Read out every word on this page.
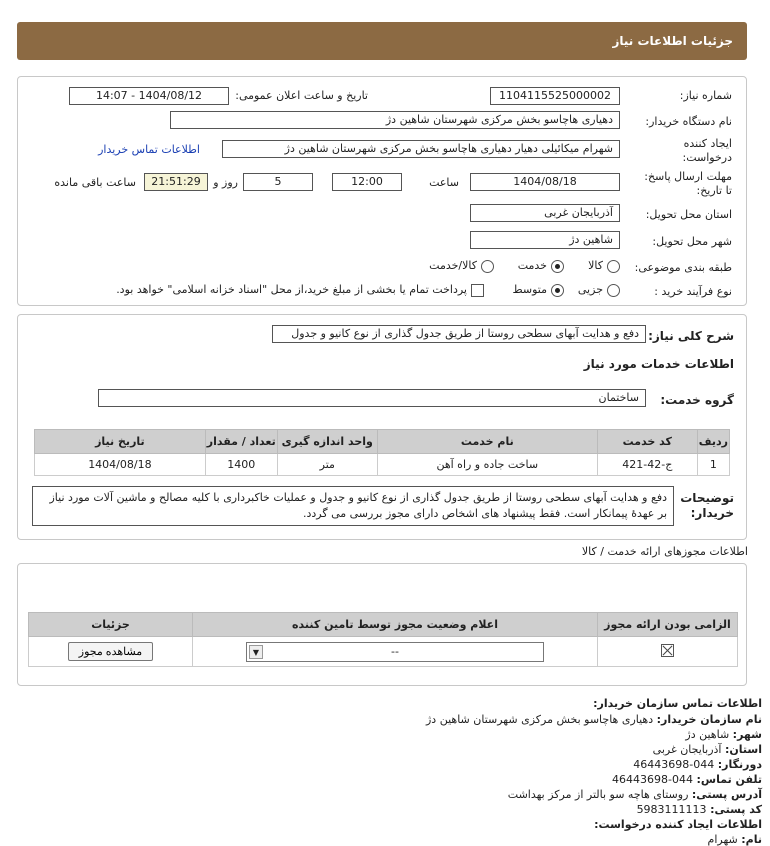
جزئیات اطلاعات نیاز
شماره نیاز:
1104115525000002
تاریخ و ساعت اعلان عمومی:
1404/08/12 - 14:07
نام دستگاه خریدار:
دهیاری هاچاسو بخش مرکزی شهرستان شاهین دژ
ایجاد کننده درخواست:
شهرام میکائیلی دهیار دهیاری هاچاسو بخش مرکزی شهرستان شاهین دژ
اطلاعات تماس خریدار
مهلت ارسال پاسخ: تا تاریخ:
1404/08/18
ساعت
12:00
5
روز و
21:51:29
ساعت باقی مانده
استان محل تحویل:
آذربایجان غربی
شهر محل تحویل:
شاهین دژ
طبقه بندی موضوعی:
کالا
خدمت
کالا/خدمت
نوع فرآیند خرید :
جزیی
متوسط
پرداخت تمام یا بخشی از مبلغ خرید،از محل "اسناد خزانه اسلامی" خواهد بود.
شرح کلی نیاز:
دفع و هدایت آبهای سطحی روستا از طریق جدول گذاری از نوع کانیو و جدول
اطلاعات خدمات مورد نیاز
گروه خدمت:
ساختمان
ردیف	کد خدمت	نام خدمت	واحد اندازه گیری	تعداد / مقدار	تاریخ نیاز
1	ج-42-421	ساخت جاده و راه آهن	متر	1400	1404/08/18
توضیحات خریدار:
دفع و هدایت آبهای سطحی روستا از طریق جدول گذاری از نوع کانیو و جدول و عملیات خاکبرداری با کلیه مصالح و ماشین آلات مورد نیاز بر عهدۀ پیمانکار است. فقط پیشنهاد های اشخاص دارای مجوز بررسی می گردد.
اطلاعات مجوزهای ارائه خدمت / کالا
الزامی بودن ارائه مجوز	اعلام وضعیت مجوز توسط تامین کننده	جزئیات

	▼ --	مشاهده مجوز
اطلاعات تماس سازمان خریدار:
نام سازمان خریدار: دهیاری هاچاسو بخش مرکزی شهرستان شاهین دژ
شهر: شاهین دژ
استان: آذربایجان غربی
دورنگار: 044-46443698
تلفن تماس: 044-46443698
آدرس پستی: روستای هاچه سو بالتر از مرکز بهداشت
کد پستی: 5983111113
اطلاعات ایجاد کننده درخواست:
نام: شهرام
